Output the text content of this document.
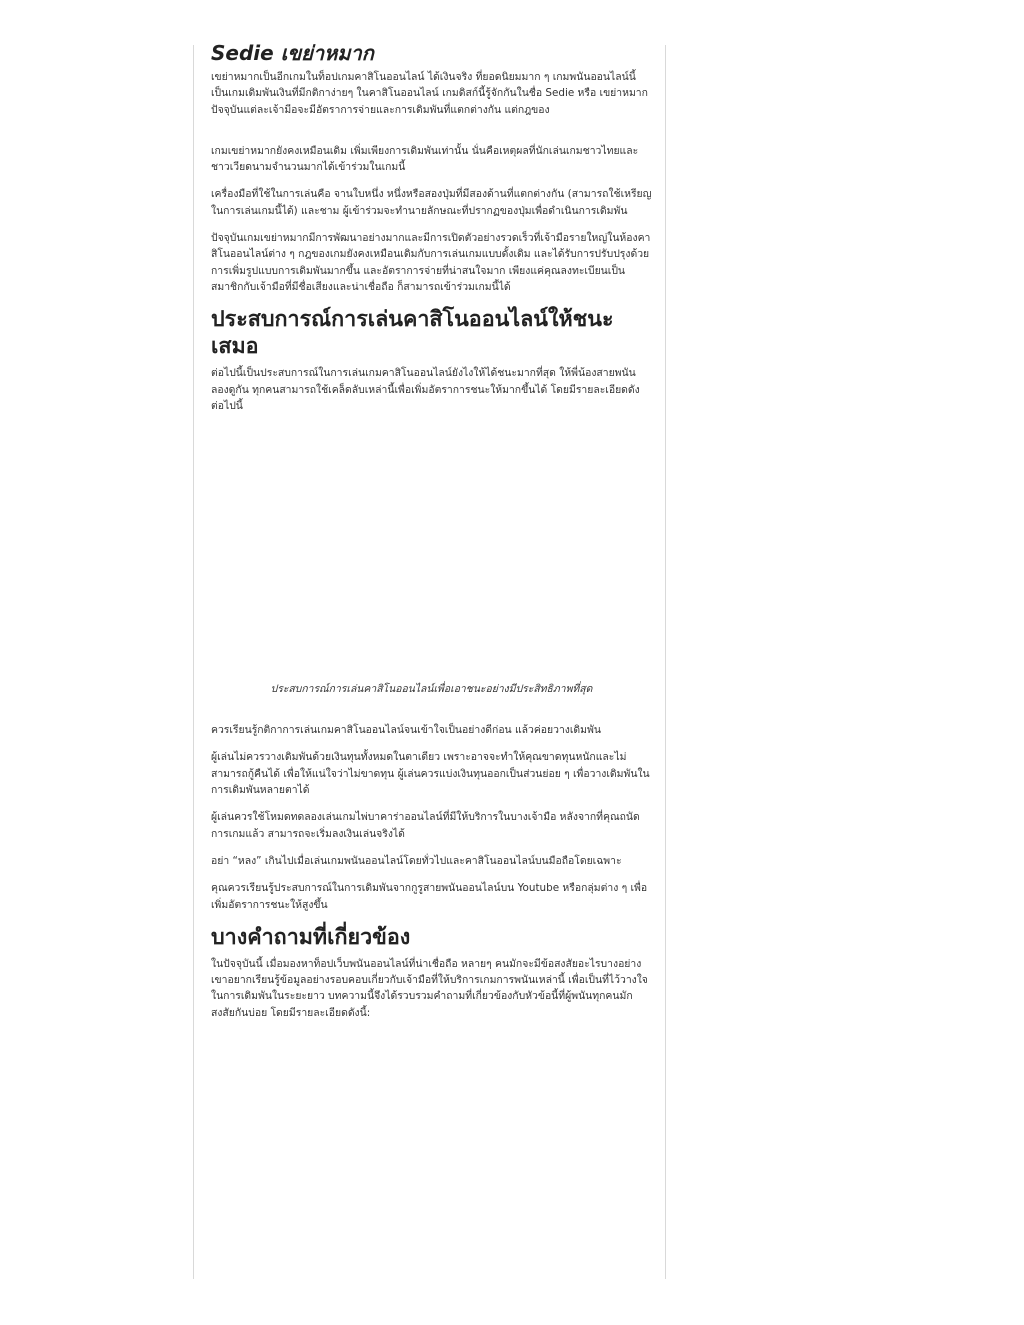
Sedie เขย่าหมาก

เขย่าหมากเป็นอีกเกมในท็อปเกมคาสิโนออนไลน์ ได้เงินจริง ที่ยอดนิยมมาก ๆ เกมพนันออนไลน์นี้เป็นเกมเดิมพันเงินที่มีกติกาง่ายๆ ในคาสิโนออนไลน์ เกมดิสก์นี้รู้จักกันในชื่อ Sedie หรือ เขย่าหมาก ปัจจุบันแต่ละเจ้ามีอจะมีอัตราการจ่ายและการเดิมพันที่แตกต่างกัน แต่กฎของ

เกมเขย่าหมากยังคงเหมือนเดิม เพิ่มเพียงการเดิมพันเท่านั้น นั่นคือเหตุผลที่นักเล่นเกมชาวไทยและชาวเวียดนามจำนวนมากได้เข้าร่วมในเกมนี้

เครื่องมือที่ใช้ในการเล่นคือ จานใบหนึ่ง หนึ่งหรือสองปุ่มที่มีสองด้านที่แตกต่างกัน (สามารถใช้เหรียญในการเล่นเกมนี้ได้) และชาม ผู้เข้าร่วมจะทำนายลักษณะที่ปรากฏของปุ่มเพื่อดำเนินการเดิมพัน

ปัจจุบันเกมเขย่าหมากมีการพัฒนาอย่างมากและมีการเปิดตัวอย่างรวดเร็วที่เจ้ามือรายใหญ่ในห้องคาสิโนออนไลน์ต่าง ๆ กฎของเกมยังคงเหมือนเดิมกับการเล่นเกมแบบดั้งเดิม และได้รับการปรับปรุงด้วยการเพิ่มรูปแบบการเดิมพันมากขึ้น และอัตราการจ่ายที่น่าสนใจมาก เพียงแค่คุณลงทะเบียนเป็นสมาชิกกับเจ้ามือที่มีชื่อเสียงและน่าเชื่อถือ ก็สามารถเข้าร่วมเกมนี้ได้

ประสบการณ์การเล่นคาสิโนออนไลน์ให้ชนะเสมอ

ต่อไปนี้เป็นประสบการณ์ในการเล่นเกมคาสิโนออนไลน์ยังไงให้ได้ชนะมากที่สุด ให้พี่น้องสายพนันลองดูกัน ทุกคนสามารถใช้เคล็ดลับเหล่านี้เพื่อเพิ่มอัตราการชนะให้มากขึ้นได้ โดยมีรายละเอียดดังต่อไปนี้

ประสบการณ์การเล่นคาสิโนออนไลน์เพื่อเอาชนะอย่างมีประสิทธิภาพที่สุด

ควรเรียนรู้กติกาการเล่นเกมคาสิโนออนไลน์จนเข้าใจเป็นอย่างดีก่อน แล้วค่อยวางเดิมพัน

ผู้เล่นไม่ควรวางเดิมพันด้วยเงินทุนทั้งหมดในตาเดียว เพราะอาจจะทำให้คุณขาดทุนหนักและไม่สามารถกู้คืนได้ เพื่อให้แน่ใจว่าไม่ขาดทุน ผู้เล่นควรแบ่งเงินทุนออกเป็นส่วนย่อย ๆ เพื่อวางเดิมพันในการเดิมพันหลายตาได้

ผู้เล่นควรใช้โหมดทดลองเล่นเกมไพ่บาคาร่าออนไลน์ที่มีให้บริการในบางเจ้ามือ หลังจากที่คุณถนัดการเกมแล้ว สามารถจะเริ่มลงเงินเล่นจริงได้

อย่า “หลง” เกินไปเมื่อเล่นเกมพนันออนไลน์โดยทั่วไปและคาสิโนออนไลน์บนมือถือโดยเฉพาะ

คุณควรเรียนรู้ประสบการณ์ในการเดิมพันจากกูรูสายพนันออนไลน์บน Youtube หรือกลุ่มต่าง ๆ เพื่อเพิ่มอัตราการชนะให้สูงขึ้น

บางคำถามที่เกี่ยวข้อง

ในปัจจุบันนี้ เมื่อมองหาท็อปเว็บพนันออนไลน์ที่น่าเชื่อถือ หลายๆ คนมักจะมีข้อสงสัยอะไรบางอย่าง เขาอยากเรียนรู้ข้อมูลอย่างรอบคอบเกี่ยวกับเจ้ามือที่ให้บริการเกมการพนันเหล่านี้ เพื่อเป็นที่ไว้วางใจในการเดิมพันในระยะยาว บทความนี้จึงได้รวบรวมคำถามที่เกี่ยวข้องกับหัวข้อนี้ที่ผู้พนันทุกคนมักสงสัยกันบ่อย โดยมีรายละเอียดดังนี้:
